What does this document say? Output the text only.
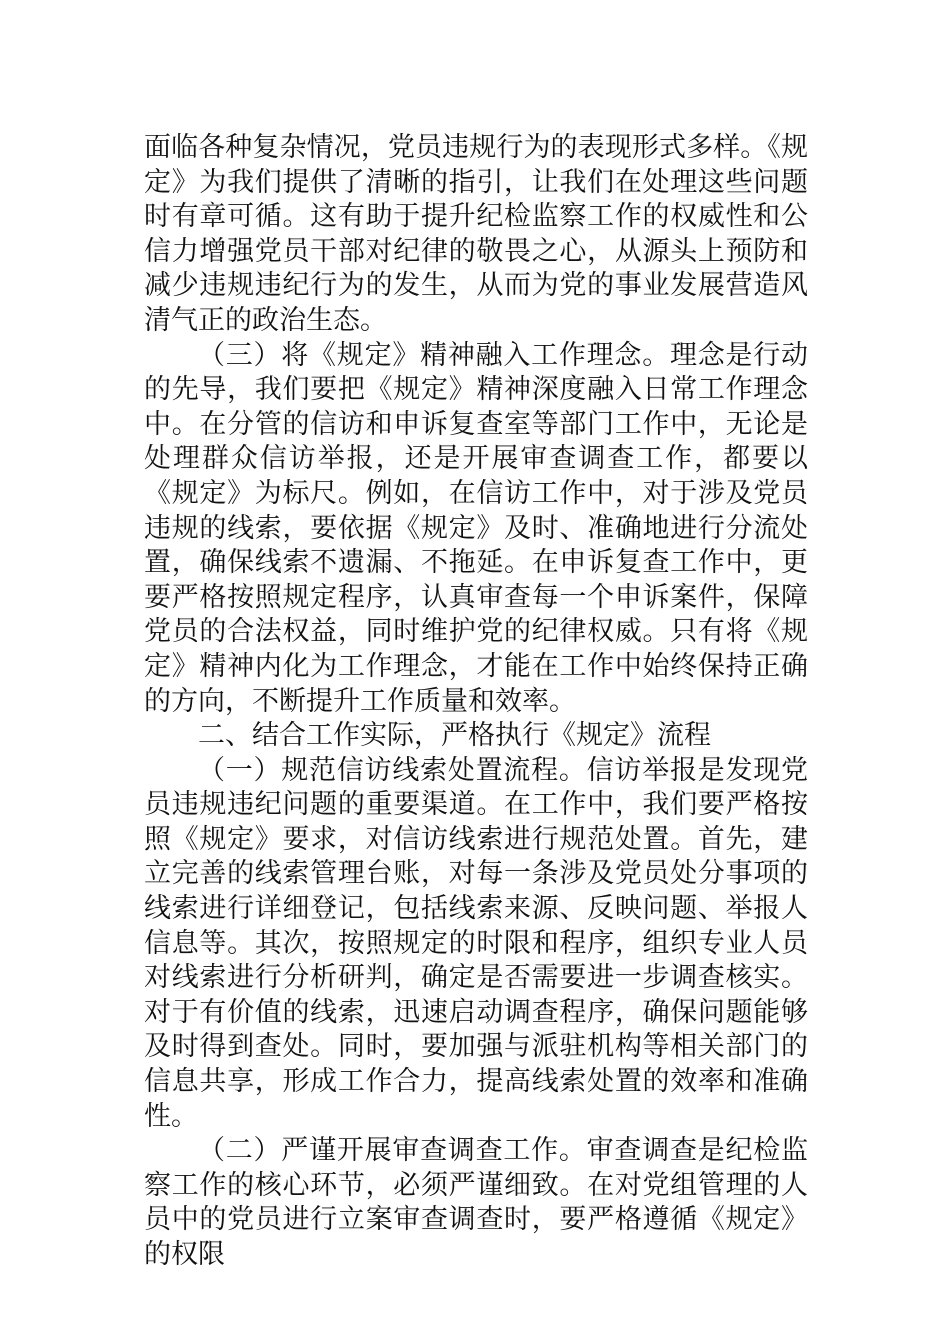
面临各种复杂情况，党员违规行为的表现形式多样。《规定》为我们提供了清晰的指引，让我们在处理这些问题时有章可循。这有助于提升纪检监察工作的权威性和公信力增强党员干部对纪律的敬畏之心，从源头上预防和减少违规违纪行为的发生，从而为党的事业发展营造风清气正的政治生态。

（三）将《规定》精神融入工作理念。理念是行动的先导，我们要把《规定》精神深度融入日常工作理念中。在分管的信访和申诉复查室等部门工作中，无论是处理群众信访举报，还是开展审查调查工作，都要以《规定》为标尺。例如，在信访工作中，对于涉及党员违规的线索，要依据《规定》及时、准确地进行分流处置，确保线索不遗漏、不拖延。在申诉复查工作中，更要严格按照规定程序，认真审查每一个申诉案件，保障党员的合法权益，同时维护党的纪律权威。只有将《规定》精神内化为工作理念，才能在工作中始终保持正确的方向，不断提升工作质量和效率。

二、结合工作实际，严格执行《规定》流程

（一）规范信访线索处置流程。信访举报是发现党员违规违纪问题的重要渠道。在工作中，我们要严格按照《规定》要求，对信访线索进行规范处置。首先，建立完善的线索管理台账，对每一条涉及党员处分事项的线索进行详细登记，包括线索来源、反映问题、举报人信息等。其次，按照规定的时限和程序，组织专业人员对线索进行分析研判，确定是否需要进一步调查核实。对于有价值的线索，迅速启动调查程序，确保问题能够及时得到查处。同时，要加强与派驻机构等相关部门的信息共享，形成工作合力，提高线索处置的效率和准确性。

（二）严谨开展审查调查工作。审查调查是纪检监察工作的核心环节，必须严谨细致。在对党组管理的人员中的党员进行立案审查调查时，要严格遵循《规定》的权限
